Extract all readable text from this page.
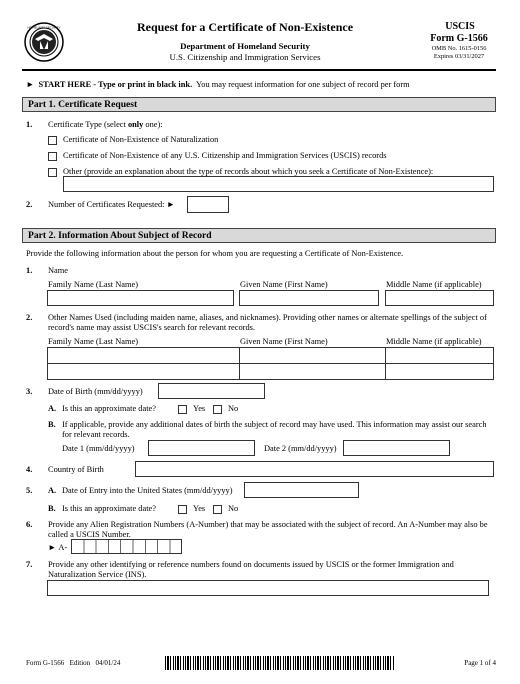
HOMELAND SECURITY	Request for a Certificate of Non-Existence
Department of Homeland Security
U.S. Citizenship and Immigration Services
USCIS
Form G-1566
OMB No. 1615-0156
Expires 03/31/2027
► START HERE - Type or print in black ink. You may request information for one subject of record per form
Part 1. Certificate Request
1. Certificate Type (select only one):
Certificate of Non-Existence of Naturalization
Certificate of Non-Existence of any U.S. Citizenship and Immigration Services (USCIS) records
Other (provide an explanation about the type of records about which you seek a Certificate of Non-Existence):
2. Number of Certificates Requested: ►
Part 2. Information About Subject of Record
Provide the following information about the person for whom you are requesting a Certificate of Non-Existence.
1. Name
Family Name (Last Name)	Given Name (First Name)	Middle Name (if applicable)
2. Other Names Used (including maiden name, aliases, and nicknames). Providing other names or alternate spellings of the subject of record's name may assist USCIS's search for relevant records.
Family Name (Last Name)	Given Name (First Name)	Middle Name (if applicable)
3. Date of Birth (mm/dd/yyyy)
A. Is this an approximate date?	Yes	No
B. If applicable, provide any additional dates of birth the subject of record may have used. This information may assist our search for relevant records.
Date 1 (mm/dd/yyyy)	Date 2 (mm/dd/yyyy)
4. Country of Birth
5. A. Date of Entry into the United States (mm/dd/yyyy)
B. Is this an approximate date?	Yes	No
6. Provide any Alien Registration Numbers (A-Number) that may be associated with the subject of record. An A-Number may also be called a USCIS Number.
► A-
7. Provide any other identifying or reference numbers found on documents issued by USCIS or the former Immigration and Naturalization Service (INS).
Form G-1566 Edition 04/01/24	Page 1 of 4
